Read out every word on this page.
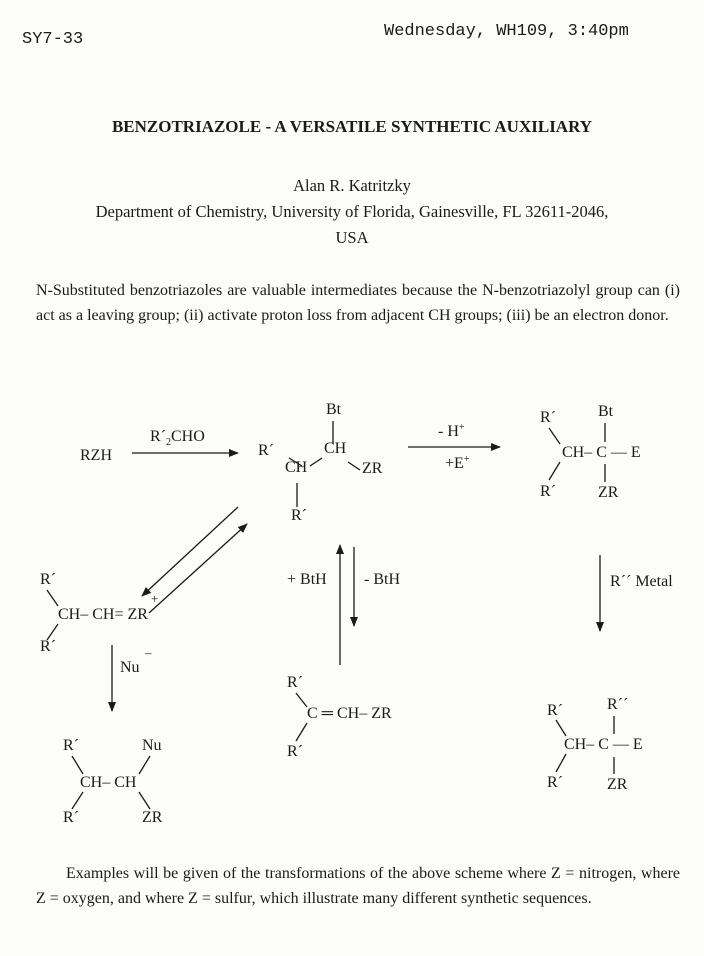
SY7-33	Wednesday, WH109, 3:40pm
BENZOTRIAZOLE - A VERSATILE SYNTHETIC AUXILIARY
Alan R. Katritzky
Department of Chemistry, University of Florida, Gainesville, FL 32611-2046,
USA
N-Substituted benzotriazoles are valuable intermediates because the N-benzotriazolyl group can (i) act as a leaving group; (ii) activate proton loss from adjacent CH groups; (iii) be an electron donor.
RZH
$R´_2CHO$
Bt
CH
R´
CH	ZR
R´
- H+
+E+
R´	Bt
CH– C — E
ZR
R´
R´
CH– CH= ZR
+
R´
Nu
–
R´	Nu
CH– CH
R´	ZR
+ BtH - BtH
R´
C ═ CH– ZR
R´
R´´ Metal
R´	R´´
CH– C — E
ZR
R´
Examples will be given of the transformations of the above scheme where Z = nitrogen, where Z = oxygen, and where Z = sulfur, which illustrate many different synthetic sequences.
